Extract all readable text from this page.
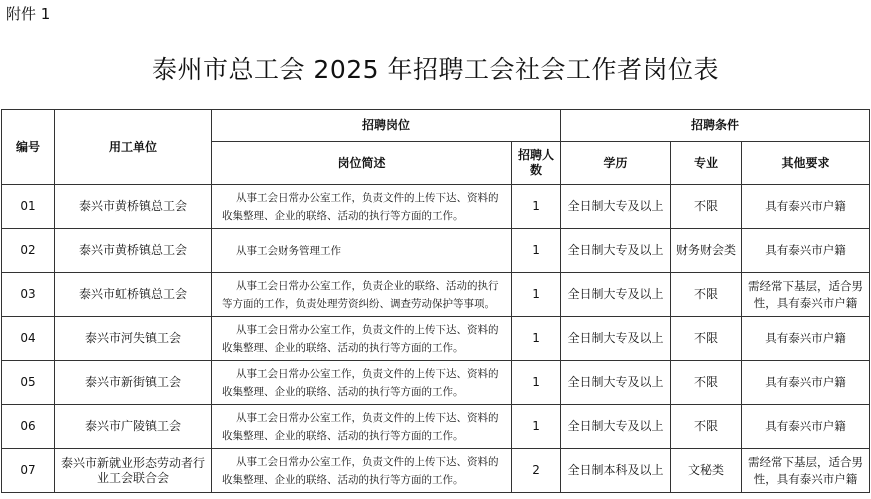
附件 1
泰州市总工会 2025 年招聘工会社会工作者岗位表
编号	用工单位	招聘岗位		招聘条件		
		岗位简述	招聘人数	学历	专业	其他要求
01	泰兴市黄桥镇总工会	从事工会日常办公室工作，负责文件的上传下达、资料的收集整理、企业的联络、活动的执行等方面的工作。	1	全日制大专及以上	不限	具有泰兴市户籍
02	泰兴市黄桥镇总工会	从事工会财务管理工作	1	全日制大专及以上	财务财会类	具有泰兴市户籍
03	泰兴市虹桥镇总工会	从事工会日常办公室工作，负责企业的联络、活动的执行等方面的工作，负责处理劳资纠纷、调查劳动保护等事项。	1	全日制大专及以上	不限	需经常下基层，适合男性，具有泰兴市户籍
04	泰兴市河失镇工会	从事工会日常办公室工作，负责文件的上传下达、资料的收集整理、企业的联络、活动的执行等方面的工作。	1	全日制大专及以上	不限	具有泰兴市户籍
05	泰兴市新街镇工会	从事工会日常办公室工作，负责文件的上传下达、资料的收集整理、企业的联络、活动的执行等方面的工作。	1	全日制大专及以上	不限	具有泰兴市户籍
06	泰兴市广陵镇工会	从事工会日常办公室工作，负责文件的上传下达、资料的收集整理、企业的联络、活动的执行等方面的工作。	1	全日制大专及以上	不限	具有泰兴市户籍
07	泰兴市新就业形态劳动者行业工会联合会	从事工会日常办公室工作，负责文件的上传下达、资料的收集整理、企业的联络、活动的执行等方面的工作。	2	全日制本科及以上	文秘类	需经常下基层，适合男性，具有泰兴市户籍
